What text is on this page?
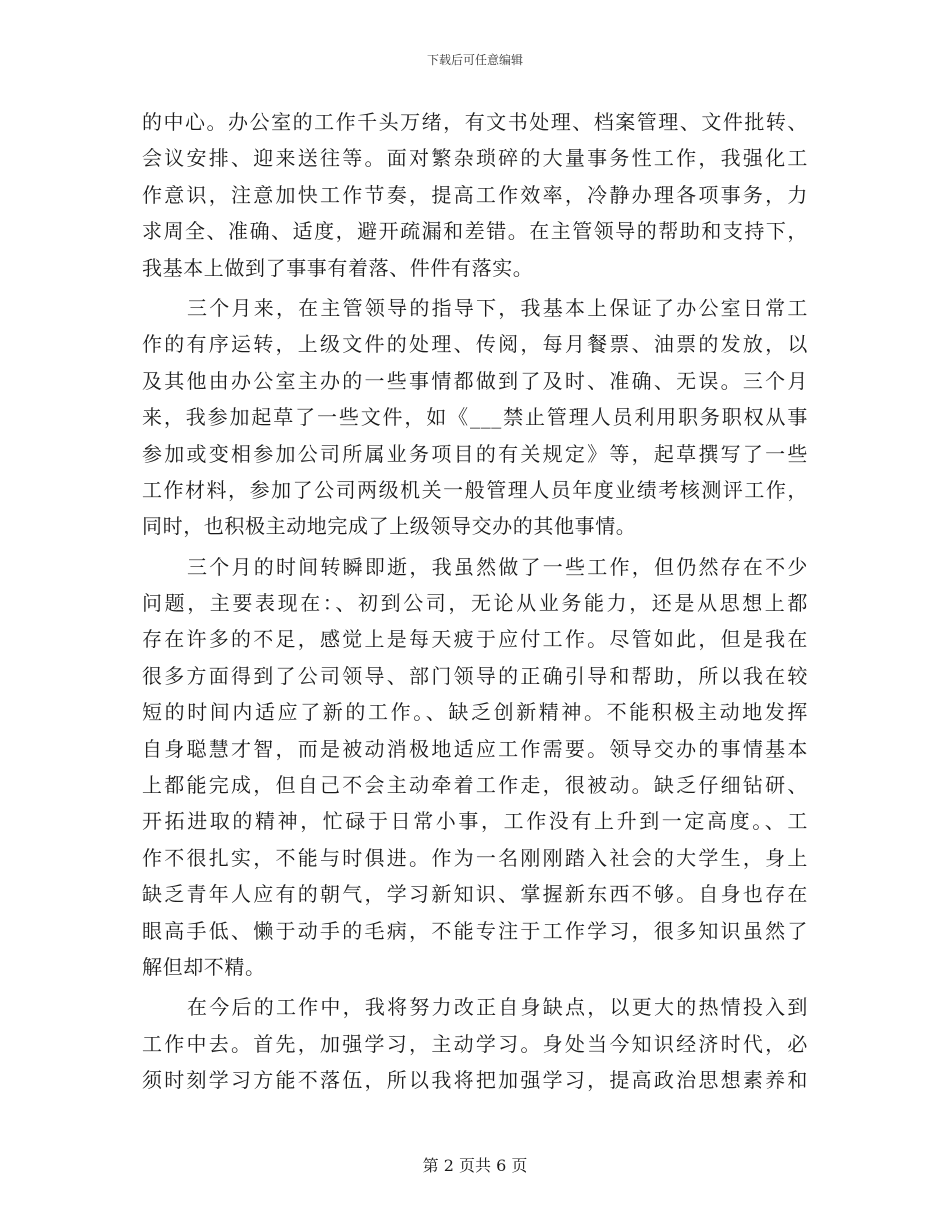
下载后可任意编辑
的中心。办公室的工作千头万绪，有文书处理、档案管理、文件批转、
会议安排、迎来送往等。面对繁杂琐碎的大量事务性工作，我强化工
作意识，注意加快工作节奏，提高工作效率，冷静办理各项事务，力
求周全、准确、适度，避开疏漏和差错。在主管领导的帮助和支持下，
我基本上做到了事事有着落、件件有落实。
三个月来，在主管领导的指导下，我基本上保证了办公室日常工
作的有序运转，上级文件的处理、传阅，每月餐票、油票的发放，以
及其他由办公室主办的一些事情都做到了及时、准确、无误。三个月
来，我参加起草了一些文件，如《___禁止管理人员利用职务职权从事
参加或变相参加公司所属业务项目的有关规定》等，起草撰写了一些
工作材料，参加了公司两级机关一般管理人员年度业绩考核测评工作，
同时，也积极主动地完成了上级领导交办的其他事情。
三个月的时间转瞬即逝，我虽然做了一些工作，但仍然存在不少
问题，主要表现在：、初到公司，无论从业务能力，还是从思想上都
存在许多的不足，感觉上是每天疲于应付工作。尽管如此，但是我在
很多方面得到了公司领导、部门领导的正确引导和帮助，所以我在较
短的时间内适应了新的工作。、缺乏创新精神。不能积极主动地发挥
自身聪慧才智，而是被动消极地适应工作需要。领导交办的事情基本
上都能完成，但自己不会主动牵着工作走，很被动。缺乏仔细钻研、
开拓进取的精神，忙碌于日常小事，工作没有上升到一定高度。、工
作不很扎实，不能与时俱进。作为一名刚刚踏入社会的大学生，身上
缺乏青年人应有的朝气，学习新知识、掌握新东西不够。自身也存在
眼高手低、懒于动手的毛病，不能专注于工作学习，很多知识虽然了
解但却不精。
在今后的工作中，我将努力改正自身缺点，以更大的热情投入到
工作中去。首先，加强学习，主动学习。身处当今知识经济时代，必
须时刻学习方能不落伍，所以我将把加强学习，提高政治思想素养和
第 2 页共 6 页
